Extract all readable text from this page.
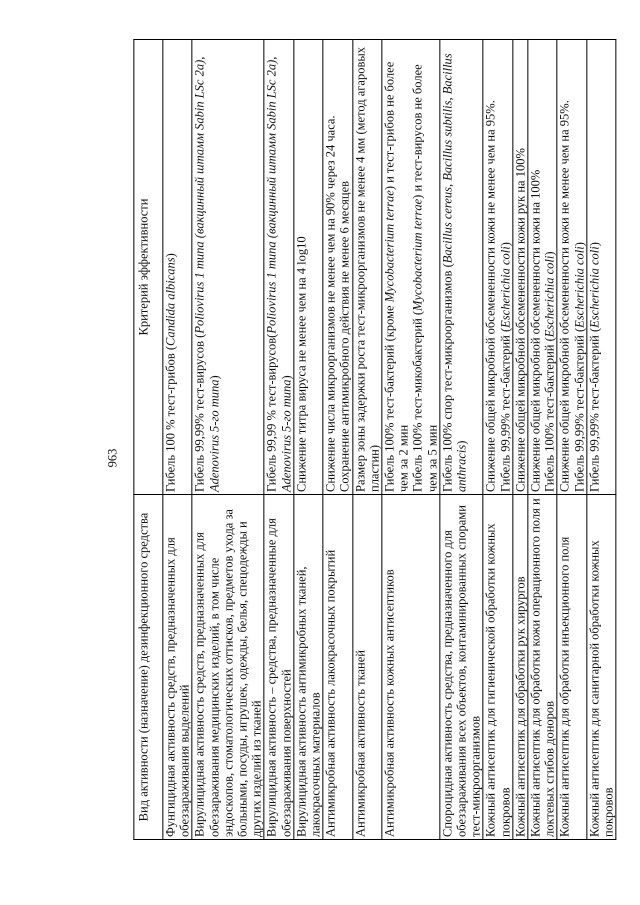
963
Вид активности (назначение) дезинфекционного средства	Критерий эффективности
Фунгицидная активность средств, предназначенных для обеззараживания выделений	Гибель 100 % тест-грибов (Candida albicans)

Вирулицидная активность средств, предназначенных для обеззараживания медицинских изделий, в том числе эндоскопов, стоматологических оттисков, предметов ухода за больными, посуды, игрушек, одежды, белья, спецодежды и других изделий из тканей	Гибель 99,99% тест-вирусов (Poliovirus 1 типа (вакцинный штамм Sabin LSc 2a), Adenovirus 5-го типа)

Вирулицидная активность – средства, предназначенные для обеззараживания поверхностей	Гибель 99,99 % тест-вирусов(Poliovirus 1 типа (вакцинный штамм Sabin LSc 2a), Adenovirus 5-го типа)

Вирулицидная активность антимикробных тканей, лакокрасочных материалов	Снижение титра вируса не менее чем на 4 log10

Антимикробная активность лакокрасочных покрытий	Снижение числа микроорганизмов не менее чем на 90% через 24 часа. Сохранение антимикробного действия не менее 6 месяцев

Антимикробная активность тканей	Размер зоны задержки роста тест-микроорганизмов не менее 4 мм (метод агаровых пластин)

Антимикробная активность кожных антисептиков	Гибель 100% тест-бактерий (кроме Mycobacterium terrae) и тест-грибов не более чем за 2 мин Гибель 100% тест-микобактерий (Mycobacterium terrae) и тест-вирусов не более чем за 5 мин

Спороцидная активность средства, предназначенного для обеззараживания всех объектов, контаминированных спорами тест-микроорганизмов	Гибель 100% спор тест-микроорганизмов (Bacillus cereus, Bacillus subtilis, Bacillus anthracis)

Кожный антисептик для гигиенической обработки кожных покровов	Снижение общей микробной обсемененности кожи не менее чем на 95%. Гибель 99,99% тест-бактерий (Escherichia coli)

Кожный антисептик для обработки рук хирургов	Снижение общей микробной обсемененности кожи рук на 100%

Кожный антисептик для обработки кожи операционного поля и локтевых сгибов доноров	Снижение общей микробной обсемененности кожи на 100% Гибель 100% тест-бактерий (Escherichia coli)

Кожный антисептик для обработки инъекционного поля	Снижение общей микробной обсемененности кожи не менее чем на 95%. Гибель 99,99% тест-бактерий (Escherichia coli)

Кожный антисептик для санитарной обработки кожных покровов	Гибель 99,99% тест-бактерий (Escherichia coli)
